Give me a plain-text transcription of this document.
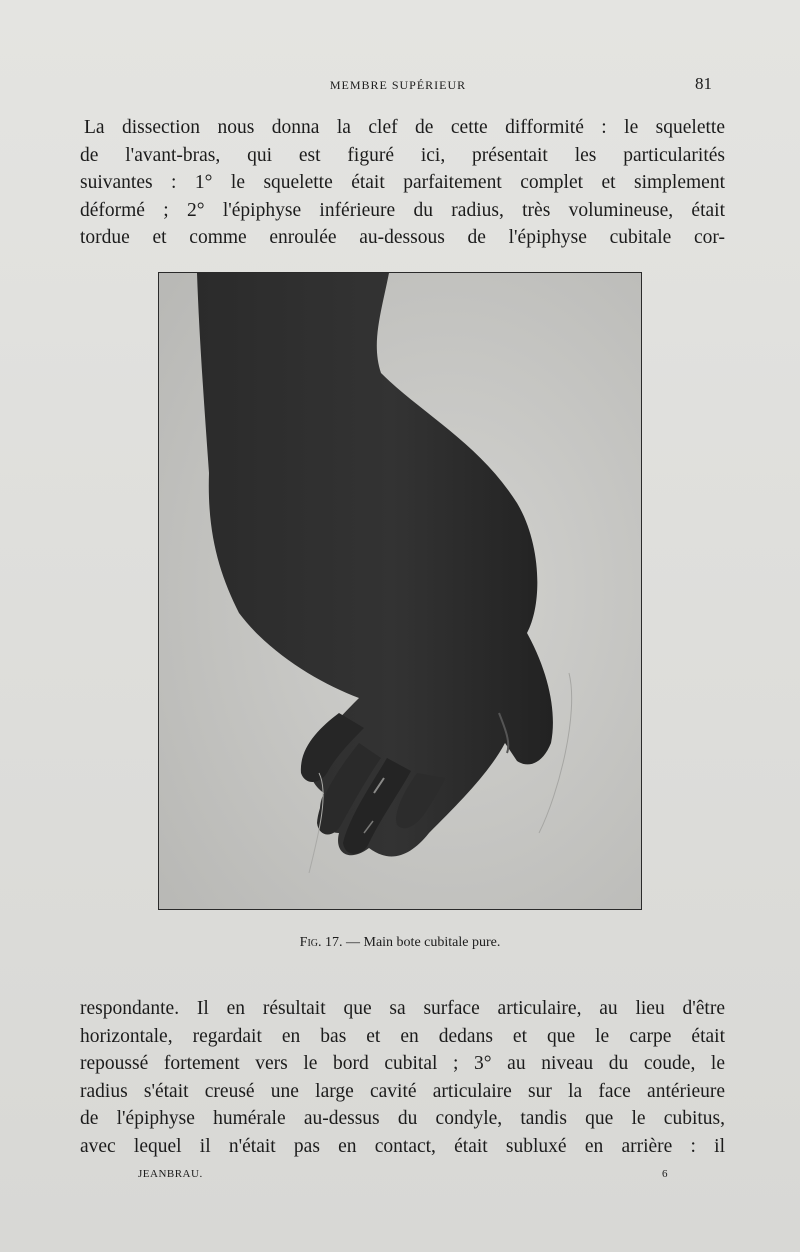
MEMBRE SUPÉRIEUR	81
La dissection nous donna la clef de cette difformité : le squelette
de l'avant-bras, qui est figuré ici, présentait les particularités
suivantes : 1° le squelette était parfaitement complet et simplement
déformé ; 2° l'épiphyse inférieure du radius, très volumineuse, était
tordue et comme enroulée au-dessous de l'épiphyse cubitale cor-
Fig. 17. — Main bote cubitale pure.
respondante. Il en résultait que sa surface articulaire, au lieu d'être
horizontale, regardait en bas et en dedans et que le carpe était
repoussé fortement vers le bord cubital ; 3° au niveau du coude, le
radius s'était creusé une large cavité articulaire sur la face antérieure
de l'épiphyse humérale au-dessus du condyle, tandis que le cubitus,
avec lequel il n'était pas en contact, était subluxé en arrière : il
JEANBRAU.	6
